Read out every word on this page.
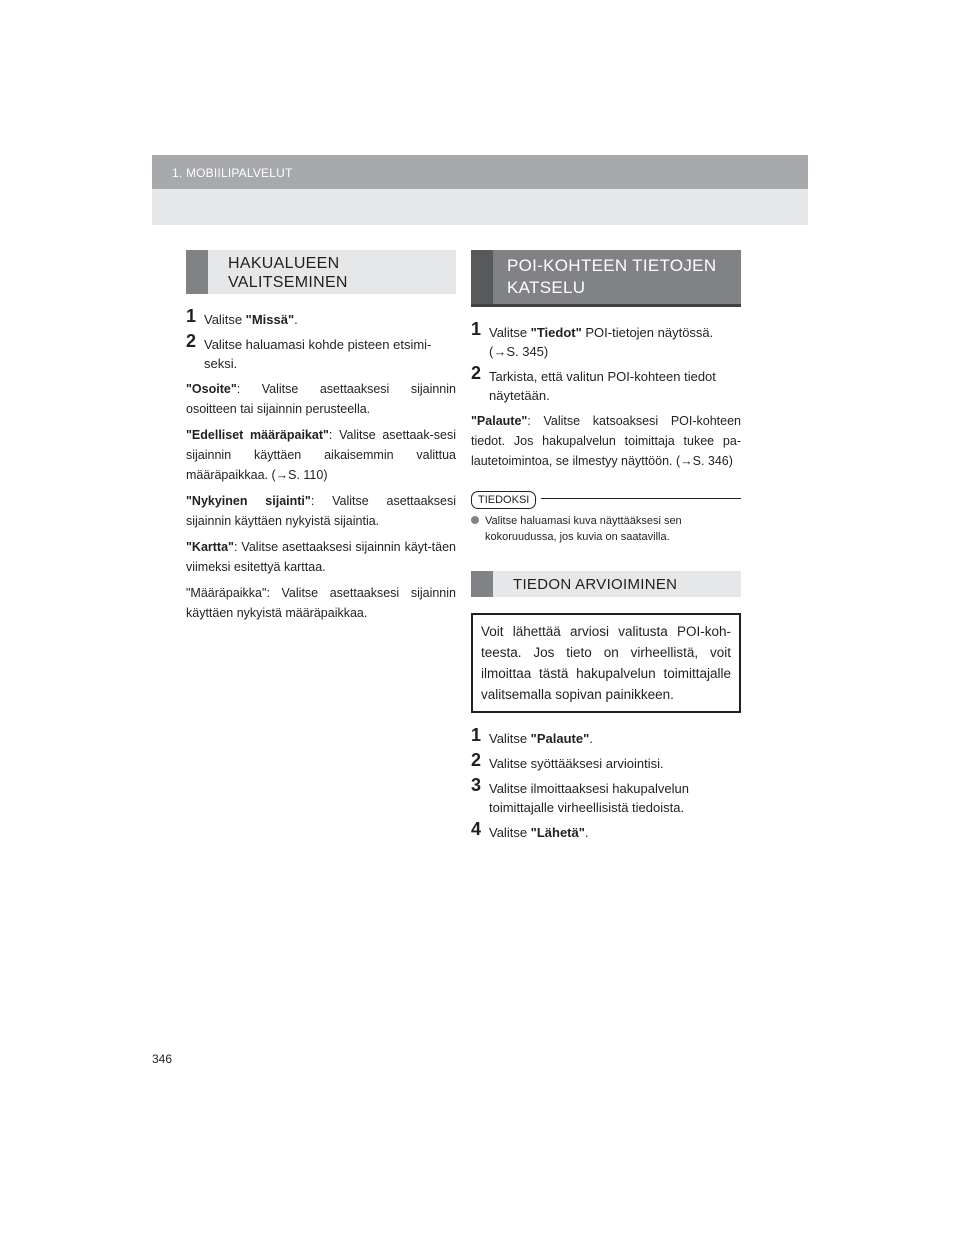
1. MOBIILIPALVELUT
HAKUALUEEN
VALITSEMINEN
1 Valitse "Missä".
2 Valitse haluamasi kohde pisteen etsimi-seksi.
"Osoite": Valitse asettaaksesi sijainnin osoitteen tai sijainnin perusteella.
"Edelliset määräpaikat": Valitse asettaak-sesi sijainnin käyttäen aikaisemmin valittua määräpaikkaa. (→S. 110)
"Nykyinen sijainti": Valitse asettaaksesi sijainnin käyttäen nykyistä sijaintia.
"Kartta": Valitse asettaaksesi sijainnin käyt-täen viimeksi esitettyä karttaa.
"Määräpaikka": Valitse asettaaksesi sijainnin käyttäen nykyistä määräpaikkaa.
POI-KOHTEEN TIETOJEN
KATSELU
1 Valitse "Tiedot" POI-tietojen näytössä. (→S. 345)
2 Tarkista, että valitun POI-kohteen tiedot näytetään.
"Palaute": Valitse katsoaksesi POI-kohteen tiedot. Jos hakupalvelun toimittaja tukee pa-lautetoimintoa, se ilmestyy näyttöön. (→S. 346)
TIEDOKSI
Valitse haluamasi kuva näyttääksesi sen kokoruudussa, jos kuvia on saatavilla.
TIEDON ARVIOIMINEN
Voit lähettää arviosi valitusta POI-koh-teesta. Jos tieto on virheellistä, voit ilmoittaa tästä hakupalvelun toimittajalle valitsemalla sopivan painikkeen.
1 Valitse "Palaute".
2 Valitse syöttääksesi arviointisi.
3 Valitse ilmoittaaksesi hakupalvelun toimittajalle virheellisistä tiedoista.
4 Valitse "Lähetä".
346
